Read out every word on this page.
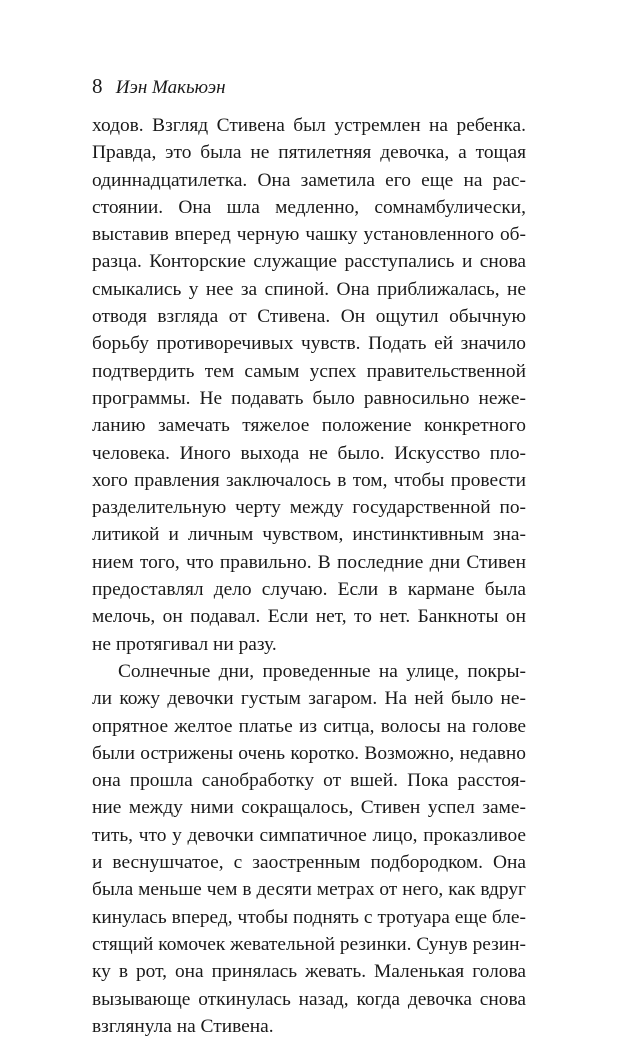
8 Иэн Макьюэн
ходов. Взгляд Стивена был устремлен на ребенка.
Правда, это была не пятилетняя девочка, а тощая
одиннадцатилетка. Она заметила его еще на рас-
стоянии. Она шла медленно, сомнамбулически,
выставив вперед черную чашку установленного об-
разца. Конторские служащие расступались и снова
смыкались у нее за спиной. Она приближалась, не
отводя взгляда от Стивена. Он ощутил обычную
борьбу противоречивых чувств. Подать ей значило
подтвердить тем самым успех правительственной
программы. Не подавать было равносильно нежe-
ланию замечать тяжелое положение конкретного
человека. Иного выхода не было. Искусство пло-
хого правления заключалось в том, чтобы провести
разделительную черту между государственной по-
литикой и личным чувством, инстинктивным зна-
нием того, что правильно. В последние дни Стивен
предоставлял дело случаю. Если в кармане была
мелочь, он подавал. Если нет, то нет. Банкноты он
не протягивал ни разу.
Солнечные дни, проведенные на улице, покры-
ли кожу девочки густым загаром. На ней было не-
опрятное желтое платье из ситца, волосы на голове
были острижены очень коротко. Возможно, недавно
она прошла санобработку от вшей. Пока расстоя-
ние между ними сокращалось, Стивен успел заме-
тить, что у девочки симпатичное лицо, проказливое
и веснушчатое, с заостренным подбородком. Она
была меньше чем в десяти метрах от него, как вдруг
кинулась вперед, чтобы поднять с тротуара еще бле-
стящий комочек жевательной резинки. Сунув резин-
ку в рот, она принялась жевать. Маленькая голова
вызывающе откинулась назад, когда девочка снова
взглянула на Стивена.
